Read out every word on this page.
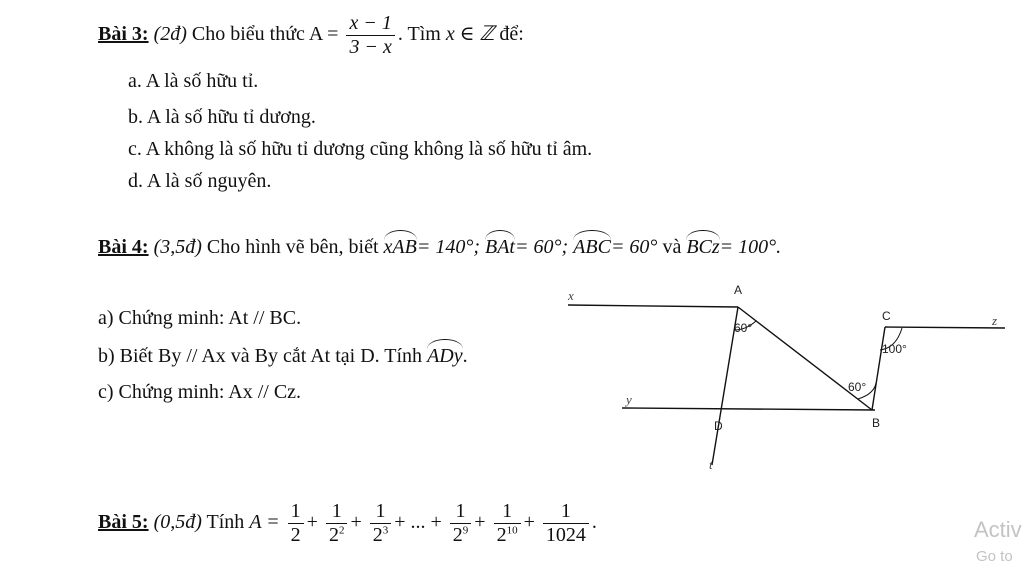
Bài 3: (2đ) Cho biểu thức $A = \frac{x - 1}{3 - x}$ . Tìm x ∈ ℤ để:
a. A là số hữu tỉ.
b. A là số hữu tỉ dương.
c. A không là số hữu tỉ dương cũng không là số hữu tỉ âm.
d. A là số nguyên.
Bài 4: (3,5đ) Cho hình vẽ bên, biết xAB= 140°; BAt= 60°; ABC= 60° và BCz= 100°.
a) Chứng minh: At // BC.
b) Biết By // Ax và By cắt At tại D. Tính ADy.
c) Chứng minh: Ax // Cz.
x	A
C	z
y
D	B
t
60°
100°
60°
Bài 5: (0,5đ) Tính $A = \frac{1}{2} + \frac{1}{2^2} + \frac{1}{2^3}$ + ... + $\frac{1}{2^9} + \frac{1}{2^{10}} + \frac{1}{1024}$ .	Activ
Go to
